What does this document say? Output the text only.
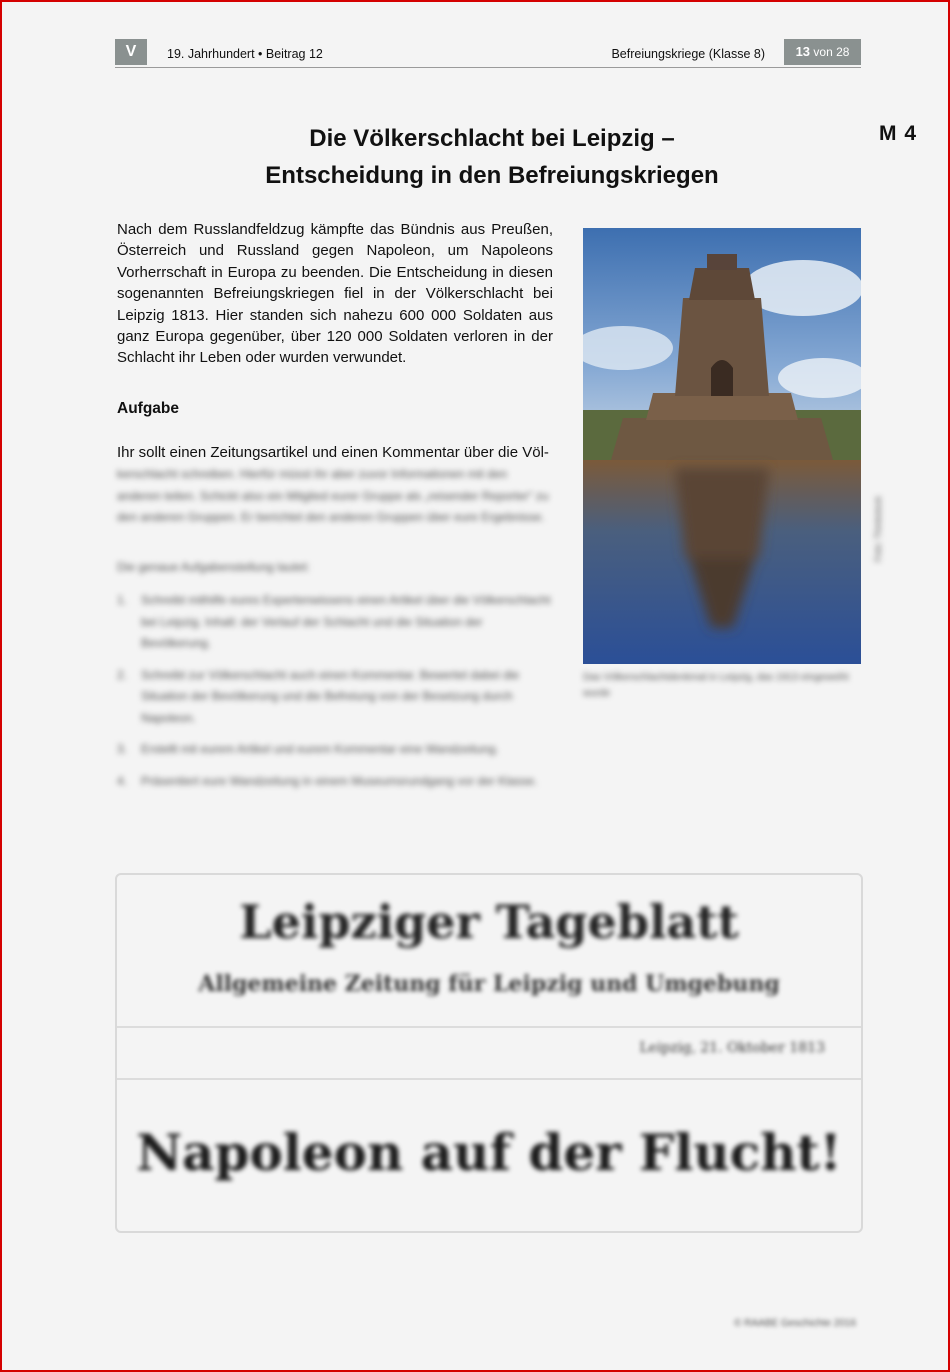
V	19. Jahrhundert • Beitrag 12	Befreiungskriege (Klasse 8)	13 von 28
M 4
Die Völkerschlacht bei Leipzig –
Entscheidung in den Befreiungskriegen
Nach dem Russlandfeldzug kämpfte das Bündnis aus Preußen, Österreich und Russland gegen Napoleon, um Napoleons Vorherrschaft in Europa zu beenden. Die Entscheidung in diesen sogenannten Befreiungskriegen fiel in der Völkerschlacht bei Leipzig 1813. Hier standen sich nahezu 600 000 Soldaten aus ganz Europa gegenüber, über 120 000 Soldaten verloren in der Schlacht ihr Leben oder wurden verwundet.
Aufgabe
Ihr sollt einen Zeitungsartikel und einen Kommentar über die Völ-
kerschlacht schreiben. Hierfür müsst ihr aber zuvor Informationen mit den anderen teilen. Schickt also ein Mitglied eurer Gruppe als „reisender Reporter“ zu den anderen Gruppen. Er berichtet den anderen Gruppen über eure Ergebnisse.
Die genaue Aufgabenstellung lautet:
1.	Schreibt mithilfe eures Expertenwissens einen Artikel über die Völkerschlacht bei Leipzig. Inhalt: der Verlauf der Schlacht und die Situation der Bevölkerung.
2.	Schreibt zur Völkerschlacht auch einen Kommentar. Bewertet dabei die Situation der Bevölkerung und die Befreiung von der Besetzung durch Napoleon.
3.	Erstellt mit eurem Artikel und eurem Kommentar eine Wandzeitung.
4.	Präsentiert eure Wandzeitung in einem Museumsrundgang vor der Klasse.
Das Völkerschlachtdenkmal in Leipzig, das 1913 eingeweiht wurde
Foto: Thinkstock
Leipziger Tageblatt
Allgemeine Zeitung für Leipzig und Umgebung
Leipzig, 21. Oktober 1813
Napoleon auf der Flucht!
© RAABE Geschichte 2016
